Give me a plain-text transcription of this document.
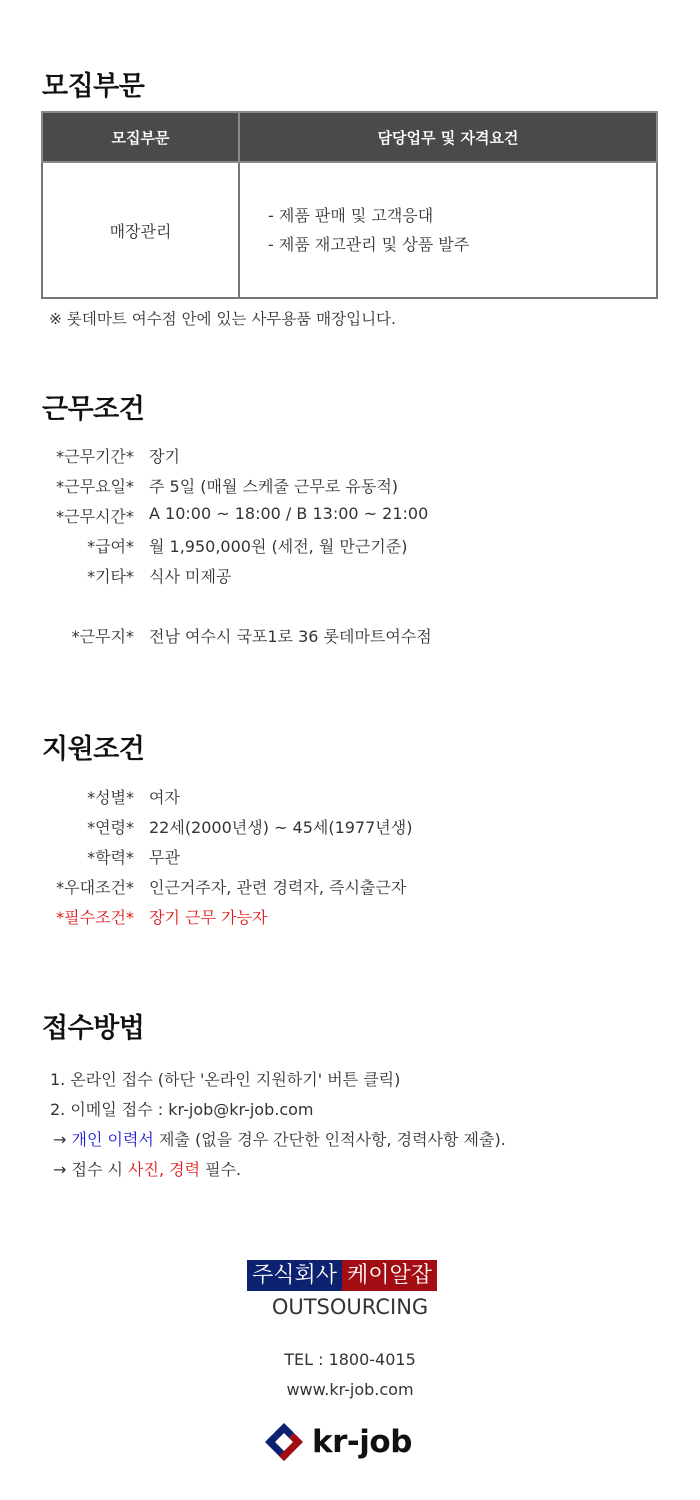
모집부문
모집부문	담당업무 및 자격요건
매장관리	- 제품 판매 및 고객응대
- 제품 재고관리 및 상품 발주
※ 롯데마트 여수점 안에 있는 사무용품 매장입니다.
근무조건
*근무기간* 장기
*근무요일* 주 5일 (매월 스케줄 근무로 유동적)
*근무시간* A 10:00 ~ 18:00 / B 13:00 ~ 21:00
*급여* 월 1,950,000원 (세전, 월 만근기준)
*기타* 식사 미제공
*근무지* 전남 여수시 국포1로 36 롯데마트여수점
지원조건
*성별* 여자
*연령* 22세(2000년생) ~ 45세(1977년생)
*학력* 무관
*우대조건* 인근거주자, 관련 경력자, 즉시출근자
*필수조건* 장기 근무 가능자
접수방법
1. 온라인 접수 (하단 '온라인 지원하기' 버튼 클릭)
2. 이메일 접수 : kr-job@kr-job.com
→ 개인 이력서 제출 (없을 경우 간단한 인적사항, 경력사항 제출).
→ 접수 시 사진, 경력 필수.
주식회사 케이알잡
OUTSOURCING
TEL : 1800-4015
www.kr-job.com
kr-job
